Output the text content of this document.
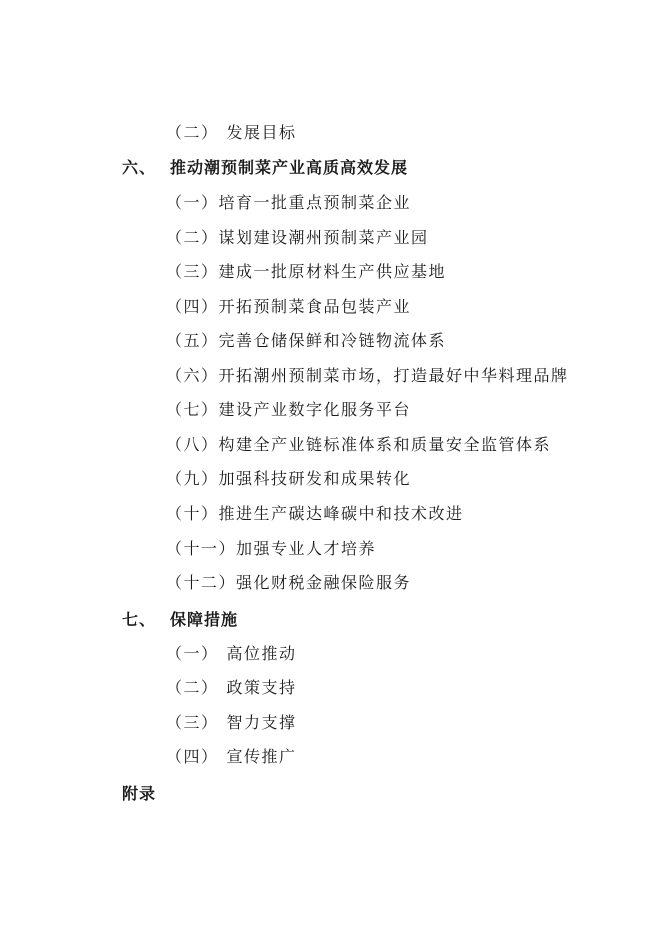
（二） 发展目标
六、 推动潮预制菜产业高质高效发展
（一）培育一批重点预制菜企业
（二）谋划建设潮州预制菜产业园
（三）建成一批原材料生产供应基地
（四）开拓预制菜食品包装产业
（五）完善仓储保鲜和冷链物流体系
（六）开拓潮州预制菜市场，打造最好中华料理品牌
（七）建设产业数字化服务平台
（八）构建全产业链标准体系和质量安全监管体系
（九）加强科技研发和成果转化
（十）推进生产碳达峰碳中和技术改进
（十一）加强专业人才培养
（十二）强化财税金融保险服务
七、 保障措施
（一） 高位推动
（二） 政策支持
（三） 智力支撑
（四） 宣传推广
附录
